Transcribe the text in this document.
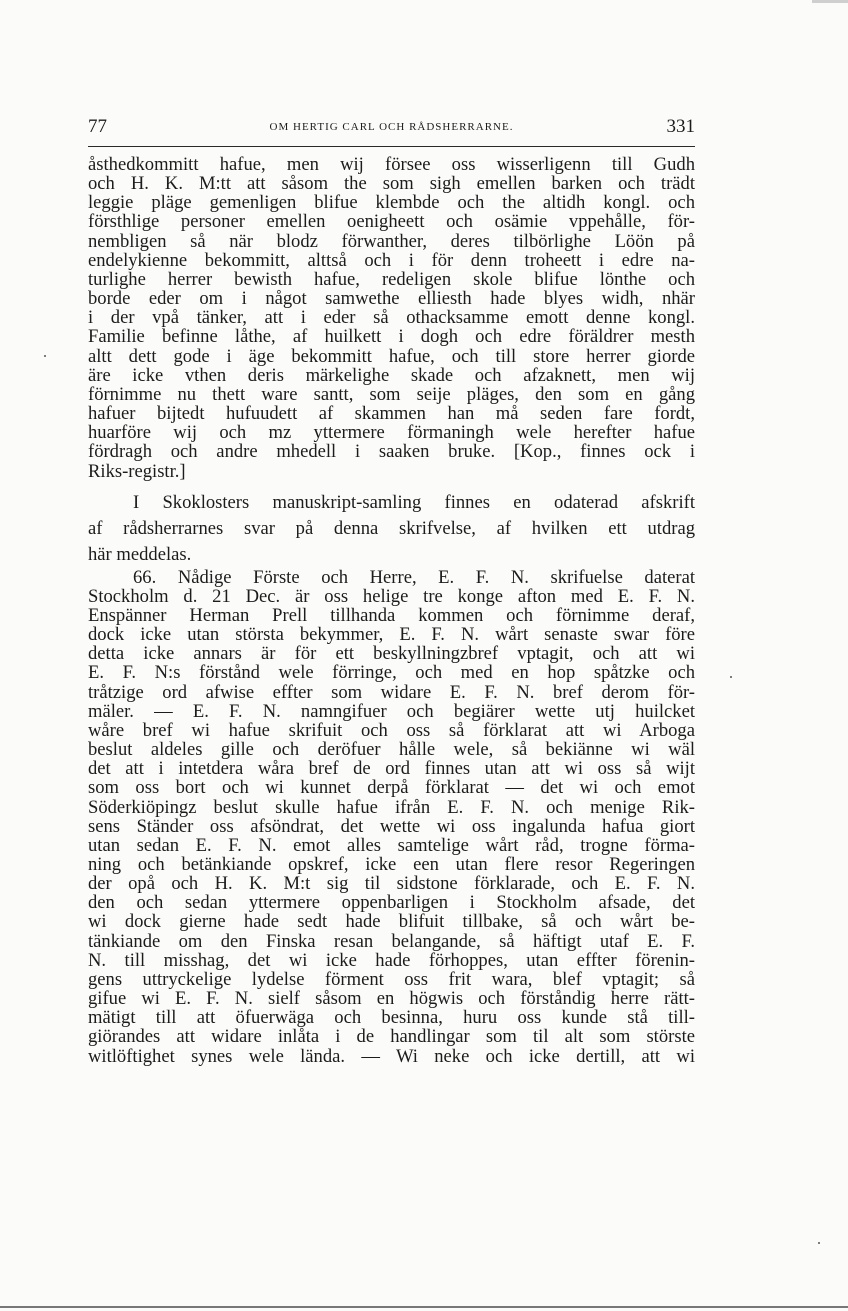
77	OM HERTIG CARL OCH RÅDSHERRARNE.	331
åsthedkommitt hafue, men wij försee oss wisserligenn till Gudh
och H. K. M:tt att såsom the som sigh emellen barken och trädt
leggie pläge gemenligen blifue klembde och the altidh kongl. och
försthlige personer emellen oenigheett och osämie vppehålle, för-
nembligen så när blodz förwanther, deres tilbörlighe Löön på
endelykienne bekommitt, alttså och i för denn troheett i edre na-
turlighe herrer bewisth hafue, redeligen skole blifue lönthe och
borde eder om i något samwethe elliesth hade blyes widh, nhär
i der vpå tänker, att i eder så othacksamme emott denne kongl.
Familie befinne låthe, af huilkett i dogh och edre föräldrer mesth
altt dett gode i äge bekommitt hafue, och till store herrer giorde
äre icke vthen deris märkelighe skade och afzaknett, men wij
förnimme nu thett ware santt, som seije pläges, den som en gång
hafuer bijtedt hufuudett af skammen han må seden fare fordt,
huarföre wij och mz yttermere förmaningh wele herefter hafue
fördragh och andre mhedell i saaken bruke. [Kop., finnes ock i
Riks-registr.]
I Skoklosters manuskript-samling finnes en odaterad afskrift
af rådsherrarnes svar på denna skrifvelse, af hvilken ett utdrag
här meddelas.
66. Nådige Förste och Herre, E. F. N. skrifuelse daterat
Stockholm d. 21 Dec. är oss helige tre konge afton med E. F. N.
Enspänner Herman Prell tillhanda kommen och förnimme deraf,
dock icke utan största bekymmer, E. F. N. wårt senaste swar före
detta icke annars är för ett beskyllningzbref vptagit, och att wi
E. F. N:s förstånd wele förringe, och med en hop spåtzke och
tråtzige ord afwise effter som widare E. F. N. bref derom för-
mäler. — E. F. N. namngifuer och begiärer wette utj huilcket
wåre bref wi hafue skrifuit och oss så förklarat att wi Arboga
beslut aldeles gille och deröfuer hålle wele, så bekiänne wi wäl
det att i intetdera wåra bref de ord finnes utan att wi oss så wijt
som oss bort och wi kunnet derpå förklarat — det wi och emot
Söderkiöpingz beslut skulle hafue ifrån E. F. N. och menige Rik-
sens Ständer oss afsöndrat, det wette wi oss ingalunda hafua giort
utan sedan E. F. N. emot alles samtelige wårt råd, trogne förma-
ning och betänkiande opskref, icke een utan flere resor Regeringen
der opå och H. K. M:t sig til sidstone förklarade, och E. F. N.
den och sedan yttermere oppenbarligen i Stockholm afsade, det
wi dock gierne hade sedt hade blifuit tillbake, så och wårt be-
tänkiande om den Finska resan belangande, så häftigt utaf E. F.
N. till misshag, det wi icke hade förhoppes, utan effter förenin-
gens uttryckelige lydelse förment oss frit wara, blef vptagit; så
gifue wi E. F. N. sielf såsom en högwis och förståndig herre rätt-
mätigt till att öfuerwäga och besinna, huru oss kunde stå till-
giörandes att widare inlåta i de handlingar som til alt som störste
witlöftighet synes wele lända. — Wi neke och icke dertill, att wi
